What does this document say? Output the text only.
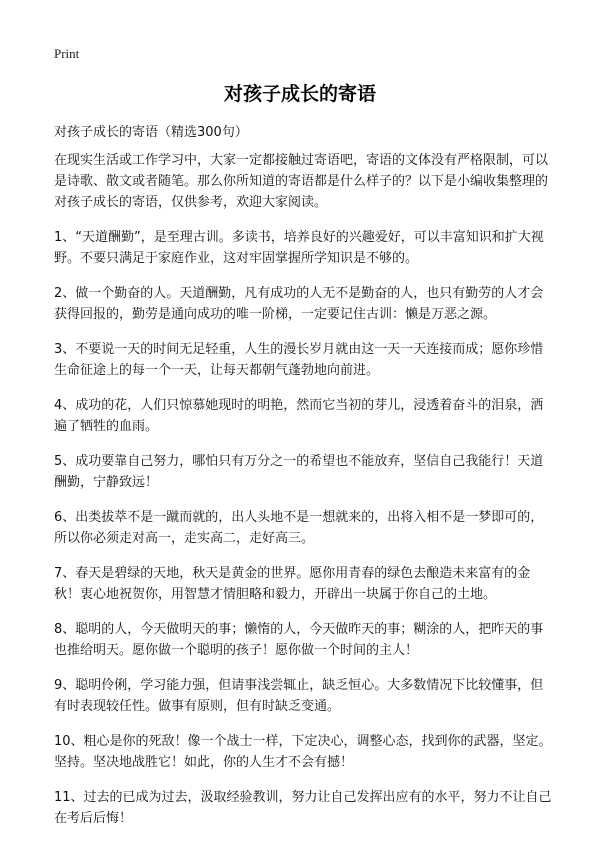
Print
对孩子成长的寄语
对孩子成长的寄语（精选300句）

在现实生活或工作学习中，大家一定都接触过寄语吧，寄语的文体没有严格限制，可以是诗歌、散文或者随笔。那么你所知道的寄语都是什么样子的？以下是小编收集整理的对孩子成长的寄语，仅供参考，欢迎大家阅读。

1、“天道酬勤”，是至理古训。多读书，培养良好的兴趣爱好，可以丰富知识和扩大视野。不要只满足于家庭作业，这对牢固掌握所学知识是不够的。

2、做一个勤奋的人。天道酬勤，凡有成功的人无不是勤奋的人，也只有勤劳的人才会获得回报的，勤劳是通向成功的唯一阶梯，一定要记住古训：懒是万恶之源。

3、不要说一天的时间无足轻重，人生的漫长岁月就由这一天一天连接而成；愿你珍惜生命征途上的每一个一天，让每天都朝气蓬勃地向前进。

4、成功的花，人们只惊慕她现时的明艳，然而它当初的芽儿，浸透着奋斗的泪泉，洒遍了牺牲的血雨。

5、成功要靠自己努力，哪怕只有万分之一的希望也不能放弃，坚信自己我能行！天道酬勤，宁静致远！

6、出类拔萃不是一蹴而就的，出人头地不是一想就来的，出将入相不是一梦即可的，所以你必须走对高一，走实高二，走好高三。

7、春天是碧绿的天地，秋天是黄金的世界。愿你用青春的绿色去酿造未来富有的金秋！衷心地祝贺你，用智慧才情胆略和毅力，开辟出一块属于你自己的土地。

8、聪明的人，今天做明天的事；懒惰的人，今天做昨天的事；糊涂的人，把昨天的事也推给明天。愿你做一个聪明的孩子！愿你做一个时间的主人！

9、聪明伶俐，学习能力强，但请事浅尝辄止，缺乏恒心。大多数情况下比较懂事，但有时表现较任性。做事有原则，但有时缺乏变通。

10、粗心是你的死敌！像一个战士一样，下定决心，调整心态，找到你的武器，坚定。坚持。坚决地战胜它！如此，你的人生才不会有撼！

11、过去的已成为过去，汲取经验教训，努力让自己发挥出应有的水平，努力不让自己在考后后悔！
